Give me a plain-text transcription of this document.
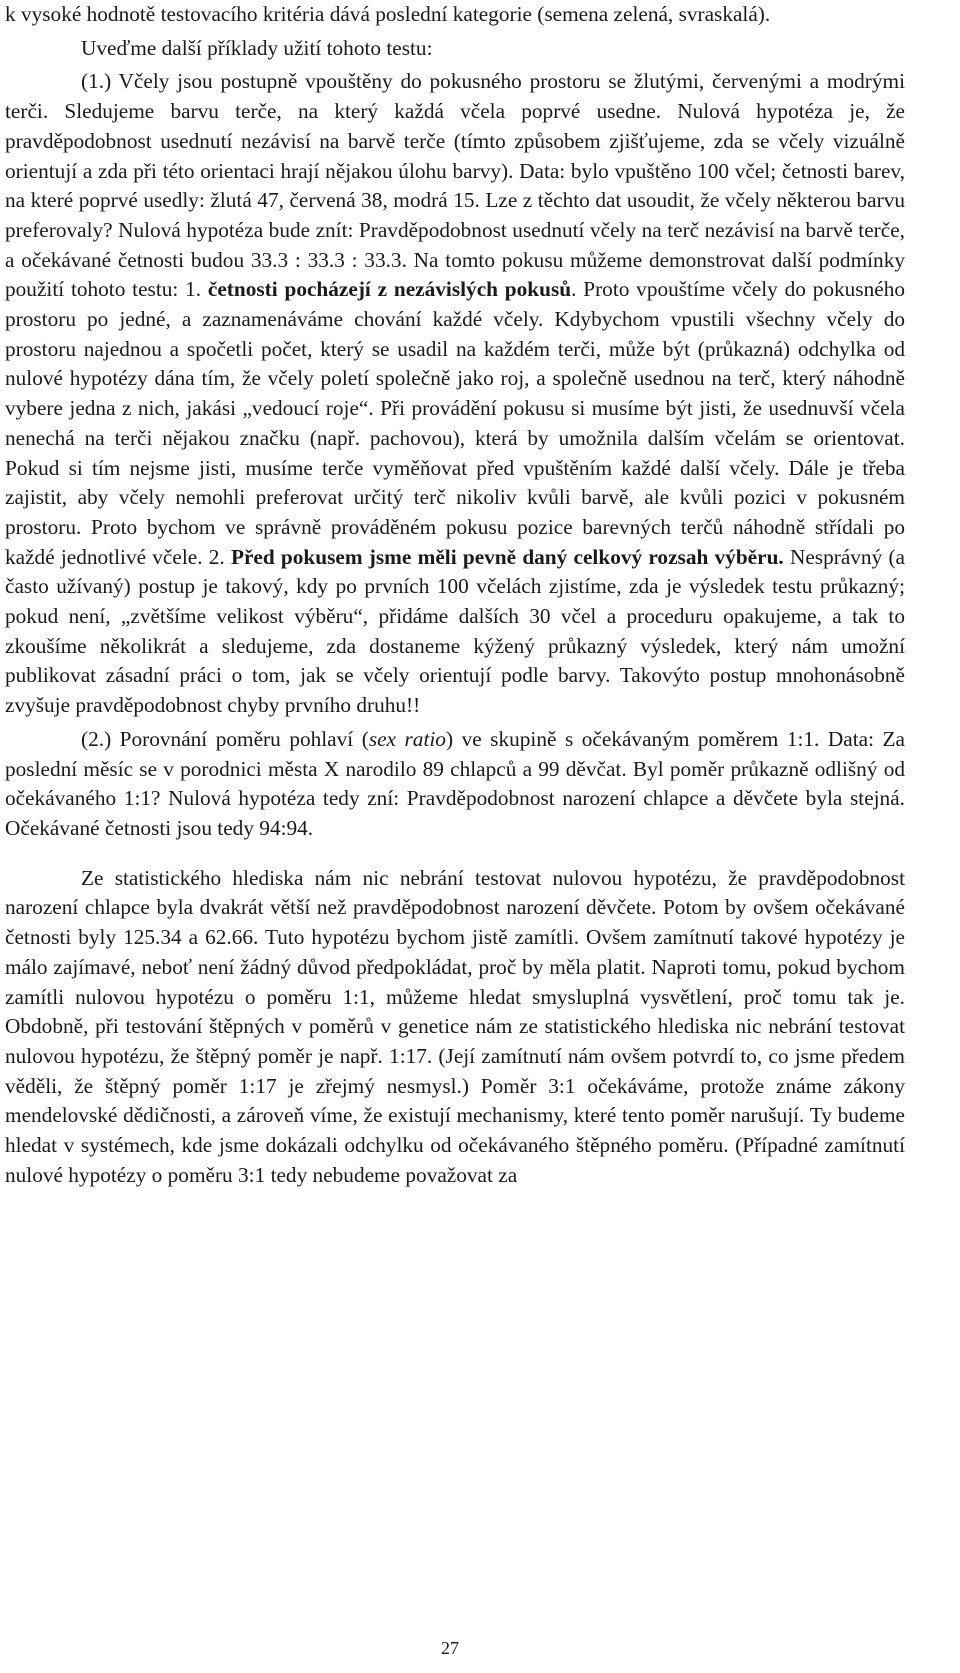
k vysoké hodnotě testovacího kritéria dává poslední kategorie (semena zelená, svraskalá).

Uveďme další příklady užití tohoto testu:

(1.) Včely jsou postupně vpouštěny do pokusného prostoru se žlutými, červenými a modrými terči. Sledujeme barvu terče, na který každá včela poprvé usedne. Nulová hypotéza je, že pravděpodobnost usednutí nezávisí na barvě terče (tímto způsobem zjišťujeme, zda se včely vizuálně orientují a zda při této orientaci hrají nějakou úlohu barvy). Data: bylo vpuštěno 100 včel; četnosti barev, na které poprvé usedly: žlutá 47, červená 38, modrá 15. Lze z těchto dat usoudit, že včely některou barvu preferovaly? Nulová hypotéza bude znít: Pravděpodobnost usednutí včely na terč nezávisí na barvě terče, a očekávané četnosti budou 33.3 : 33.3 : 33.3. Na tomto pokusu můžeme demonstrovat další podmínky použití tohoto testu: 1. četnosti pocházejí z nezávislých pokusů. Proto vpouštíme včely do pokusného prostoru po jedné, a zaznamenáváme chování každé včely. Kdybychom vpustili všechny včely do prostoru najednou a spočetli počet, který se usadil na každém terči, může být (průkazná) odchylka od nulové hypotézy dána tím, že včely poletí společně jako roj, a společně usednou na terč, který náhodně vybere jedna z nich, jakási „vedoucí roje“. Při provádění pokusu si musíme být jisti, že usednuvší včela nenechá na terči nějakou značku (např. pachovou), která by umožnila dalším včelám se orientovat. Pokud si tím nejsme jisti, musíme terče vyměňovat před vpuštěním každé další včely. Dále je třeba zajistit, aby včely nemohli preferovat určitý terč nikoliv kvůli barvě, ale kvůli pozici v pokusném prostoru. Proto bychom ve správně prováděném pokusu pozice barevných terčů náhodně střídali po každé jednotlivé včele. 2. Před pokusem jsme měli pevně daný celkový rozsah výběru. Nesprávný (a často užívaný) postup je takový, kdy po prvních 100 včelách zjistíme, zda je výsledek testu průkazný; pokud není, „zvětšíme velikost výběru“, přidáme dalších 30 včel a proceduru opakujeme, a tak to zkoušíme několikrát a sledujeme, zda dostaneme kýžený průkazný výsledek, který nám umožní publikovat zásadní práci o tom, jak se včely orientují podle barvy. Takovýto postup mnohonásobně zvyšuje pravděpodobnost chyby prvního druhu!!

(2.) Porovnání poměru pohlaví (sex ratio) ve skupině s očekávaným poměrem 1:1. Data: Za poslední měsíc se v porodnici města X narodilo 89 chlapců a 99 děvčat. Byl poměr průkazně odlišný od očekávaného 1:1? Nulová hypotéza tedy zní: Pravděpodobnost narození chlapce a děvčete byla stejná. Očekávané četnosti jsou tedy 94:94.

Ze statistického hlediska nám nic nebrání testovat nulovou hypotézu, že pravděpodobnost narození chlapce byla dvakrát větší než pravděpodobnost narození děvčete. Potom by ovšem očekávané četnosti byly 125.34 a 62.66. Tuto hypotézu bychom jistě zamítli. Ovšem zamítnutí takové hypotézy je málo zajímavé, neboť není žádný důvod předpokládat, proč by měla platit. Naproti tomu, pokud bychom zamítli nulovou hypotézu o poměru 1:1, můžeme hledat smysluplná vysvětlení, proč tomu tak je. Obdobně, při testování štěpných v poměrů v genetice nám ze statistického hlediska nic nebrání testovat nulovou hypotézu, že štěpný poměr je např. 1:17. (Její zamítnutí nám ovšem potvrdí to, co jsme předem věděli, že štěpný poměr 1:17 je zřejmý nesmysl.) Poměr 3:1 očekáváme, protože známe zákony mendelovské dědičnosti, a zároveň víme, že existují mechanismy, které tento poměr narušují. Ty budeme hledat v systémech, kde jsme dokázali odchylku od očekávaného štěpného poměru. (Případné zamítnutí nulové hypotézy o poměru 3:1 tedy nebudeme považovat za

27
